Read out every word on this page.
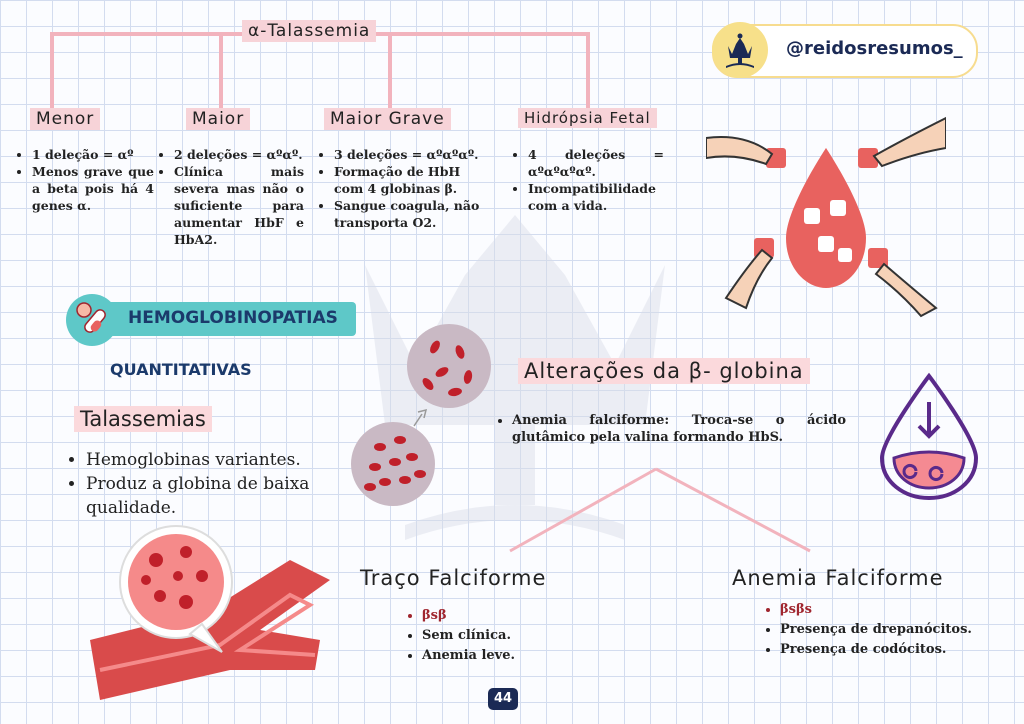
α-Talassemia
Menor	Maior	Maior Grave	Hidrópsia Fetal
• 1 deleção = αº
• Menos grave que a beta pois há 4 genes α.
• 2 deleções = αºαº.
• Clínica mais severa mas não o suficiente para aumentar HbF e HbA2.
• 3 deleções = αºαºαº.
• Formação de HbH com 4 globinas β.
• Sangue coagula, não transporta O2.
• 4 deleções = αºαºαºαº.
• Incompatibilidade com a vida.
@reidosresumos_
HEMOGLOBINOPATIAS
QUANTITATIVAS
Talassemias
• Hemoglobinas variantes.
• Produz a globina de baixa qualidade.
Alterações da β- globina
• Anemia falciforme: Troca-se o ácido glutâmico pela valina formando HbS.
Traço Falciforme
• βsβ
• Sem clínica.
• Anemia leve.
Anemia Falciforme
• βsβs
• Presença de drepanócitos.
• Presença de codócitos.
44
